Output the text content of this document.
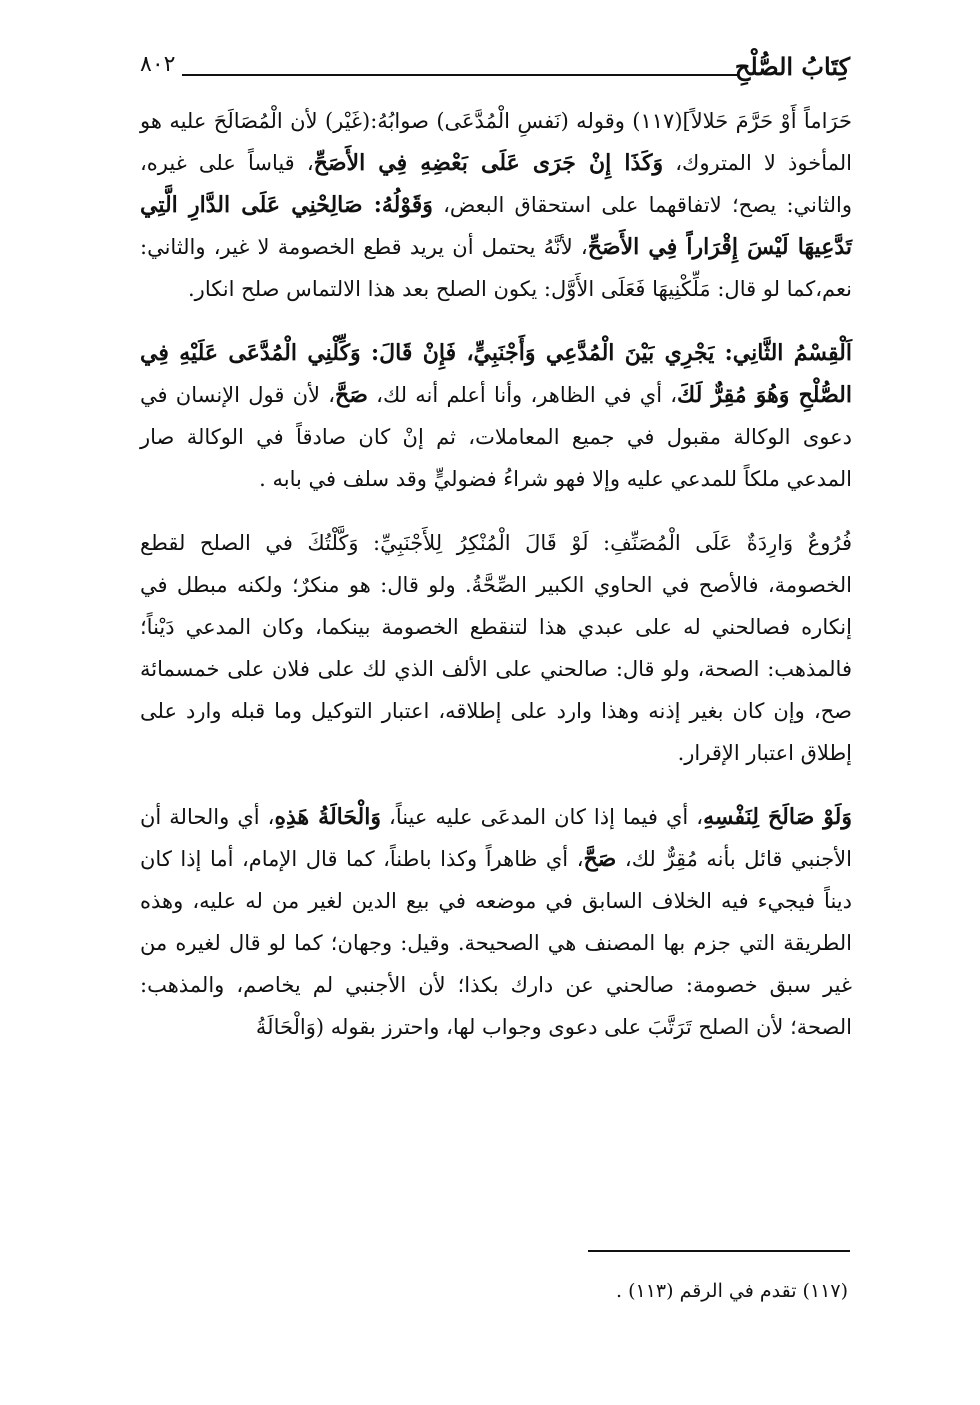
كِتَابُ الصُّلْحِ
٨٠٢

حَرَاماً أَوْ حَرَّمَ حَلالاً](١١٧) وقوله (نَفسِ الْمُدَّعَى) صوابُهُ:(غَيْر) لأن الْمُصَالَحَ عليه هو المأخوذ لا المتروك، وَكَذَا إِنْ جَرَى عَلَى بَعْضِهِ فِي الأَصَحِّ، قياساً على غيره، والثاني: يصح؛ لاتفاقهما على استحقاق البعض، وَقَوْلُهُ: صَالِحْنِي عَلَى الدَّارِ الَّتِي تَدَّعِيهَا لَيْسَ إِقْرَاراً فِي الأَصَحِّ، لأنَّهُ يحتمل أن يريد قطع الخصومة لا غير، والثاني: نعم،كما لو قال: مَلِّكْنِيهَا فَعَلَى الأَوَّل: يكون الصلح بعد هذا الالتماس صلح انكار.

اَلْقِسْمُ الثَّانِي: يَجْرِي بَيْنَ الْمُدَّعِي وَأَجْنَبِيٍّ، فَإِنْ قَالَ: وَكِّلْنِي الْمُدَّعَى عَلَيْهِ فِي الصُّلْحِ وَهُوَ مُقِرٌّ لَكَ، أي في الظاهر، وأنا أعلم أنه لك، صَحَّ، لأن قول الإنسان في دعوى الوكالة مقبول في جميع المعاملات، ثم إنْ كان صادقاً في الوكالة صار المدعي ملكاً للمدعي عليه وإلا فهو شراءُ فضوليٍّ وقد سلف في بابه .

فُرُوعٌ وَارِدَةٌ عَلَى الْمُصَنِّفِ: لَوْ قَالَ الْمُنْكِرُ لِلأَجْنَبِيِّ: وَكَّلْتُكَ في الصلح لقطع الخصومة، فالأصح في الحاوي الكبير الصِّحَّةُ. ولو قال: هو منكرٌ؛ ولكنه مبطل في إنكاره فصالحني له على عبدي هذا لتنقطع الخصومة بينكما، وكان المدعي دَيْناً؛ فالمذهب: الصحة، ولو قال: صالحني على الألف الذي لك على فلان على خمسمائة صح، وإن كان بغير إذنه وهذا وارد على إطلاقه، اعتبار التوكيل وما قبله وارد على إطلاق اعتبار الإقرار.

وَلَوْ صَالَحَ لِنَفْسِهِ، أي فيما إذا كان المدعَى عليه عيناً، وَالْحَالَةُ هَذِهِ، أي والحالة أن الأجنبي قائل بأنه مُقِرٌّ لك، صَحَّ، أي ظاهراً وكذا باطناً، كما قال الإمام، أما إذا كان ديناً فيجيء فيه الخلاف السابق في موضعه في بيع الدين لغير من له عليه، وهذه الطريقة التي جزم بها المصنف هي الصحيحة. وقيل: وجهان؛ كما لو قال لغيره من غير سبق خصومة: صالحني عن دارك بكذا؛ لأن الأجنبي لم يخاصم، والمذهب: الصحة؛ لأن الصلح تَرَتَّبَ على دعوى وجواب لها، واحترز بقوله (وَالْحَالَةُ

(١١٧) تقدم في الرقم (١١٣) .
